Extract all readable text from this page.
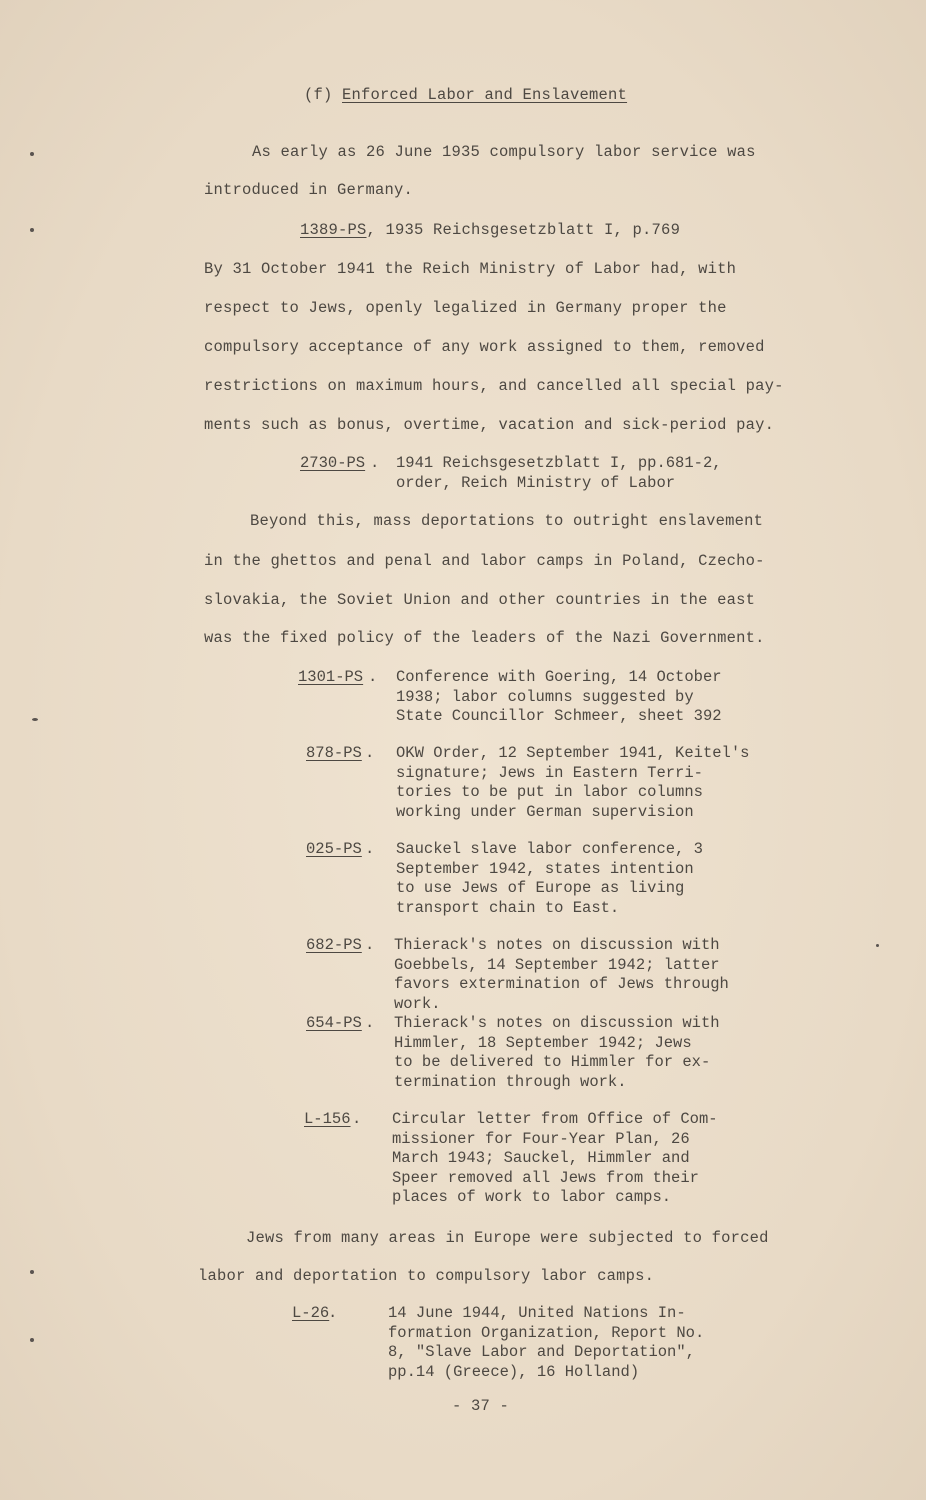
(f) Enforced Labor and Enslavement
As early as 26 June 1935 compulsory labor service was
introduced in Germany.
1389-PS, 1935 Reichsgesetzblatt I, p.769
By 31 October 1941 the Reich Ministry of Labor had, with
respect to Jews, openly legalized in Germany proper the
compulsory acceptance of any work assigned to them, removed
restrictions on maximum hours, and cancelled all special pay-
ments such as bonus, overtime, vacation and sick-period pay.
2730-PS . 1941 Reichsgesetzblatt I, pp.681-2,
order, Reich Ministry of Labor
Beyond this, mass deportations to outright enslavement
in the ghettos and penal and labor camps in Poland, Czecho-
slovakia, the Soviet Union and other countries in the east
was the fixed policy of the leaders of the Nazi Government.
1301-PS . Conference with Goering, 14 October
1938; labor columns suggested by
State Councillor Schmeer, sheet 392
878-PS . OKW Order, 12 September 1941, Keitel's
signature; Jews in Eastern Terri-
tories to be put in labor columns
working under German supervision
025-PS . Sauckel slave labor conference, 3
September 1942, states intention
to use Jews of Europe as living
transport chain to East.
682-PS . Thierack's notes on discussion with
Goebbels, 14 September 1942; latter
favors extermination of Jews through
work.
654-PS . Thierack's notes on discussion with
Himmler, 18 September 1942; Jews
to be delivered to Himmler for ex-
termination through work.
L-156 . Circular letter from Office of Com-
missioner for Four-Year Plan, 26
March 1943; Sauckel, Himmler and
Speer removed all Jews from their
places of work to labor camps.
Jews from many areas in Europe were subjected to forced
labor and deportation to compulsory labor camps.
L-26
.	14 June 1944, United Nations In-
formation Organization, Report No.
8, "Slave Labor and Deportation",
pp.14 (Greece), 16 Holland)
- 37 -
